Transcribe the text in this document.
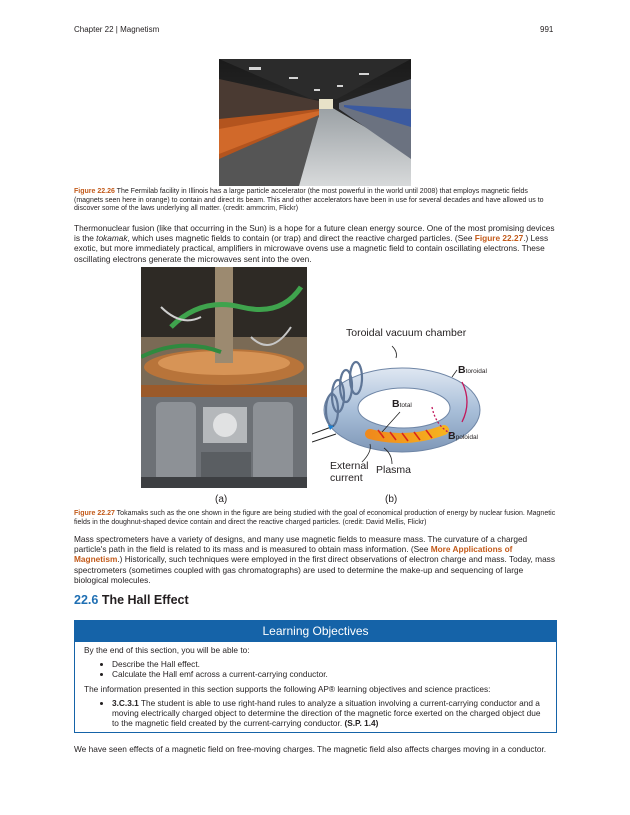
Chapter 22 | Magnetism	991
Figure 22.26 The Fermilab facility in Illinois has a large particle accelerator (the most powerful in the world until 2008) that employs magnetic fields (magnets seen here in orange) to contain and direct its beam. This and other accelerators have been in use for several decades and have allowed us to discover some of the laws underlying all matter. (credit: ammcrim, Flickr)
Thermonuclear fusion (like that occurring in the Sun) is a hope for a future clean energy source. One of the most promising devices is the tokamak, which uses magnetic fields to contain (or trap) and direct the reactive charged particles. (See Figure 22.27.) Less exotic, but more immediately practical, amplifiers in microwave ovens use a magnetic field to contain oscillating electrons. These oscillating electrons generate the microwaves sent into the oven.
Toroidal vacuum chamber
Btoroidal
Btotal
Bpoloidal
External
current
Plasma
(a)	(b)
Figure 22.27 Tokamaks such as the one shown in the figure are being studied with the goal of economical production of energy by nuclear fusion. Magnetic fields in the doughnut-shaped device contain and direct the reactive charged particles. (credit: David Mellis, Flickr)
Mass spectrometers have a variety of designs, and many use magnetic fields to measure mass. The curvature of a charged particle's path in the field is related to its mass and is measured to obtain mass information. (See More Applications of Magnetism.) Historically, such techniques were employed in the first direct observations of electron charge and mass. Today, mass spectrometers (sometimes coupled with gas chromatographs) are used to determine the make-up and sequencing of large biological molecules.
22.6 The Hall Effect
Learning Objectives
By the end of this section, you will be able to:
• Describe the Hall effect.
• Calculate the Hall emf across a current-carrying conductor.
The information presented in this section supports the following AP® learning objectives and science practices:
• 3.C.3.1 The student is able to use right-hand rules to analyze a situation involving a current-carrying conductor and a moving electrically charged object to determine the direction of the magnetic force exerted on the charged object due to the magnetic field created by the current-carrying conductor. (S.P. 1.4)
We have seen effects of a magnetic field on free-moving charges. The magnetic field also affects charges moving in a conductor.
